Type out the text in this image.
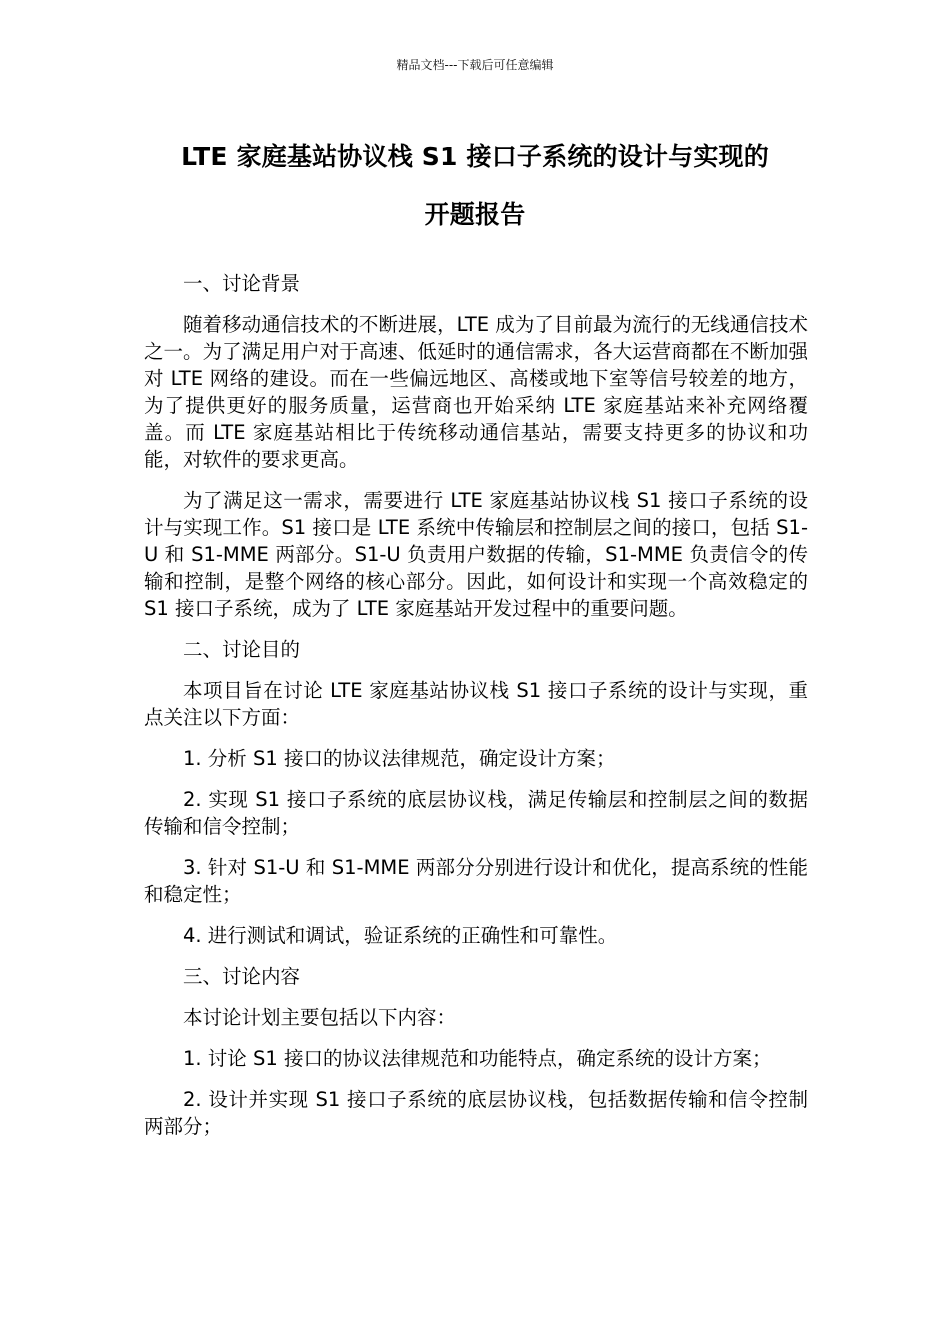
精品文档---下载后可任意编辑
LTE 家庭基站协议栈 S1 接口子系统的设计与实现的
开题报告

一、讨论背景

随着移动通信技术的不断进展，LTE 成为了目前最为流行的无线通信技术之一。为了满足用户对于高速、低延时的通信需求，各大运营商都在不断加强对 LTE 网络的建设。而在一些偏远地区、高楼或地下室等信号较差的地方，为了提供更好的服务质量，运营商也开始采纳 LTE 家庭基站来补充网络覆盖。而 LTE 家庭基站相比于传统移动通信基站，需要支持更多的协议和功能，对软件的要求更高。

为了满足这一需求，需要进行 LTE 家庭基站协议栈 S1 接口子系统的设计与实现工作。S1 接口是 LTE 系统中传输层和控制层之间的接口，包括 S1-U 和 S1-MME 两部分。S1-U 负责用户数据的传输，S1-MME 负责信令的传输和控制，是整个网络的核心部分。因此，如何设计和实现一个高效稳定的 S1 接口子系统，成为了 LTE 家庭基站开发过程中的重要问题。

二、讨论目的

本项目旨在讨论 LTE 家庭基站协议栈 S1 接口子系统的设计与实现，重点关注以下方面：

1. 分析 S1 接口的协议法律规范，确定设计方案；

2. 实现 S1 接口子系统的底层协议栈，满足传输层和控制层之间的数据传输和信令控制；

3. 针对 S1-U 和 S1-MME 两部分分别进行设计和优化，提高系统的性能和稳定性；

4. 进行测试和调试，验证系统的正确性和可靠性。

三、讨论内容

本讨论计划主要包括以下内容：

1. 讨论 S1 接口的协议法律规范和功能特点，确定系统的设计方案；

2. 设计并实现 S1 接口子系统的底层协议栈，包括数据传输和信令控制两部分；
